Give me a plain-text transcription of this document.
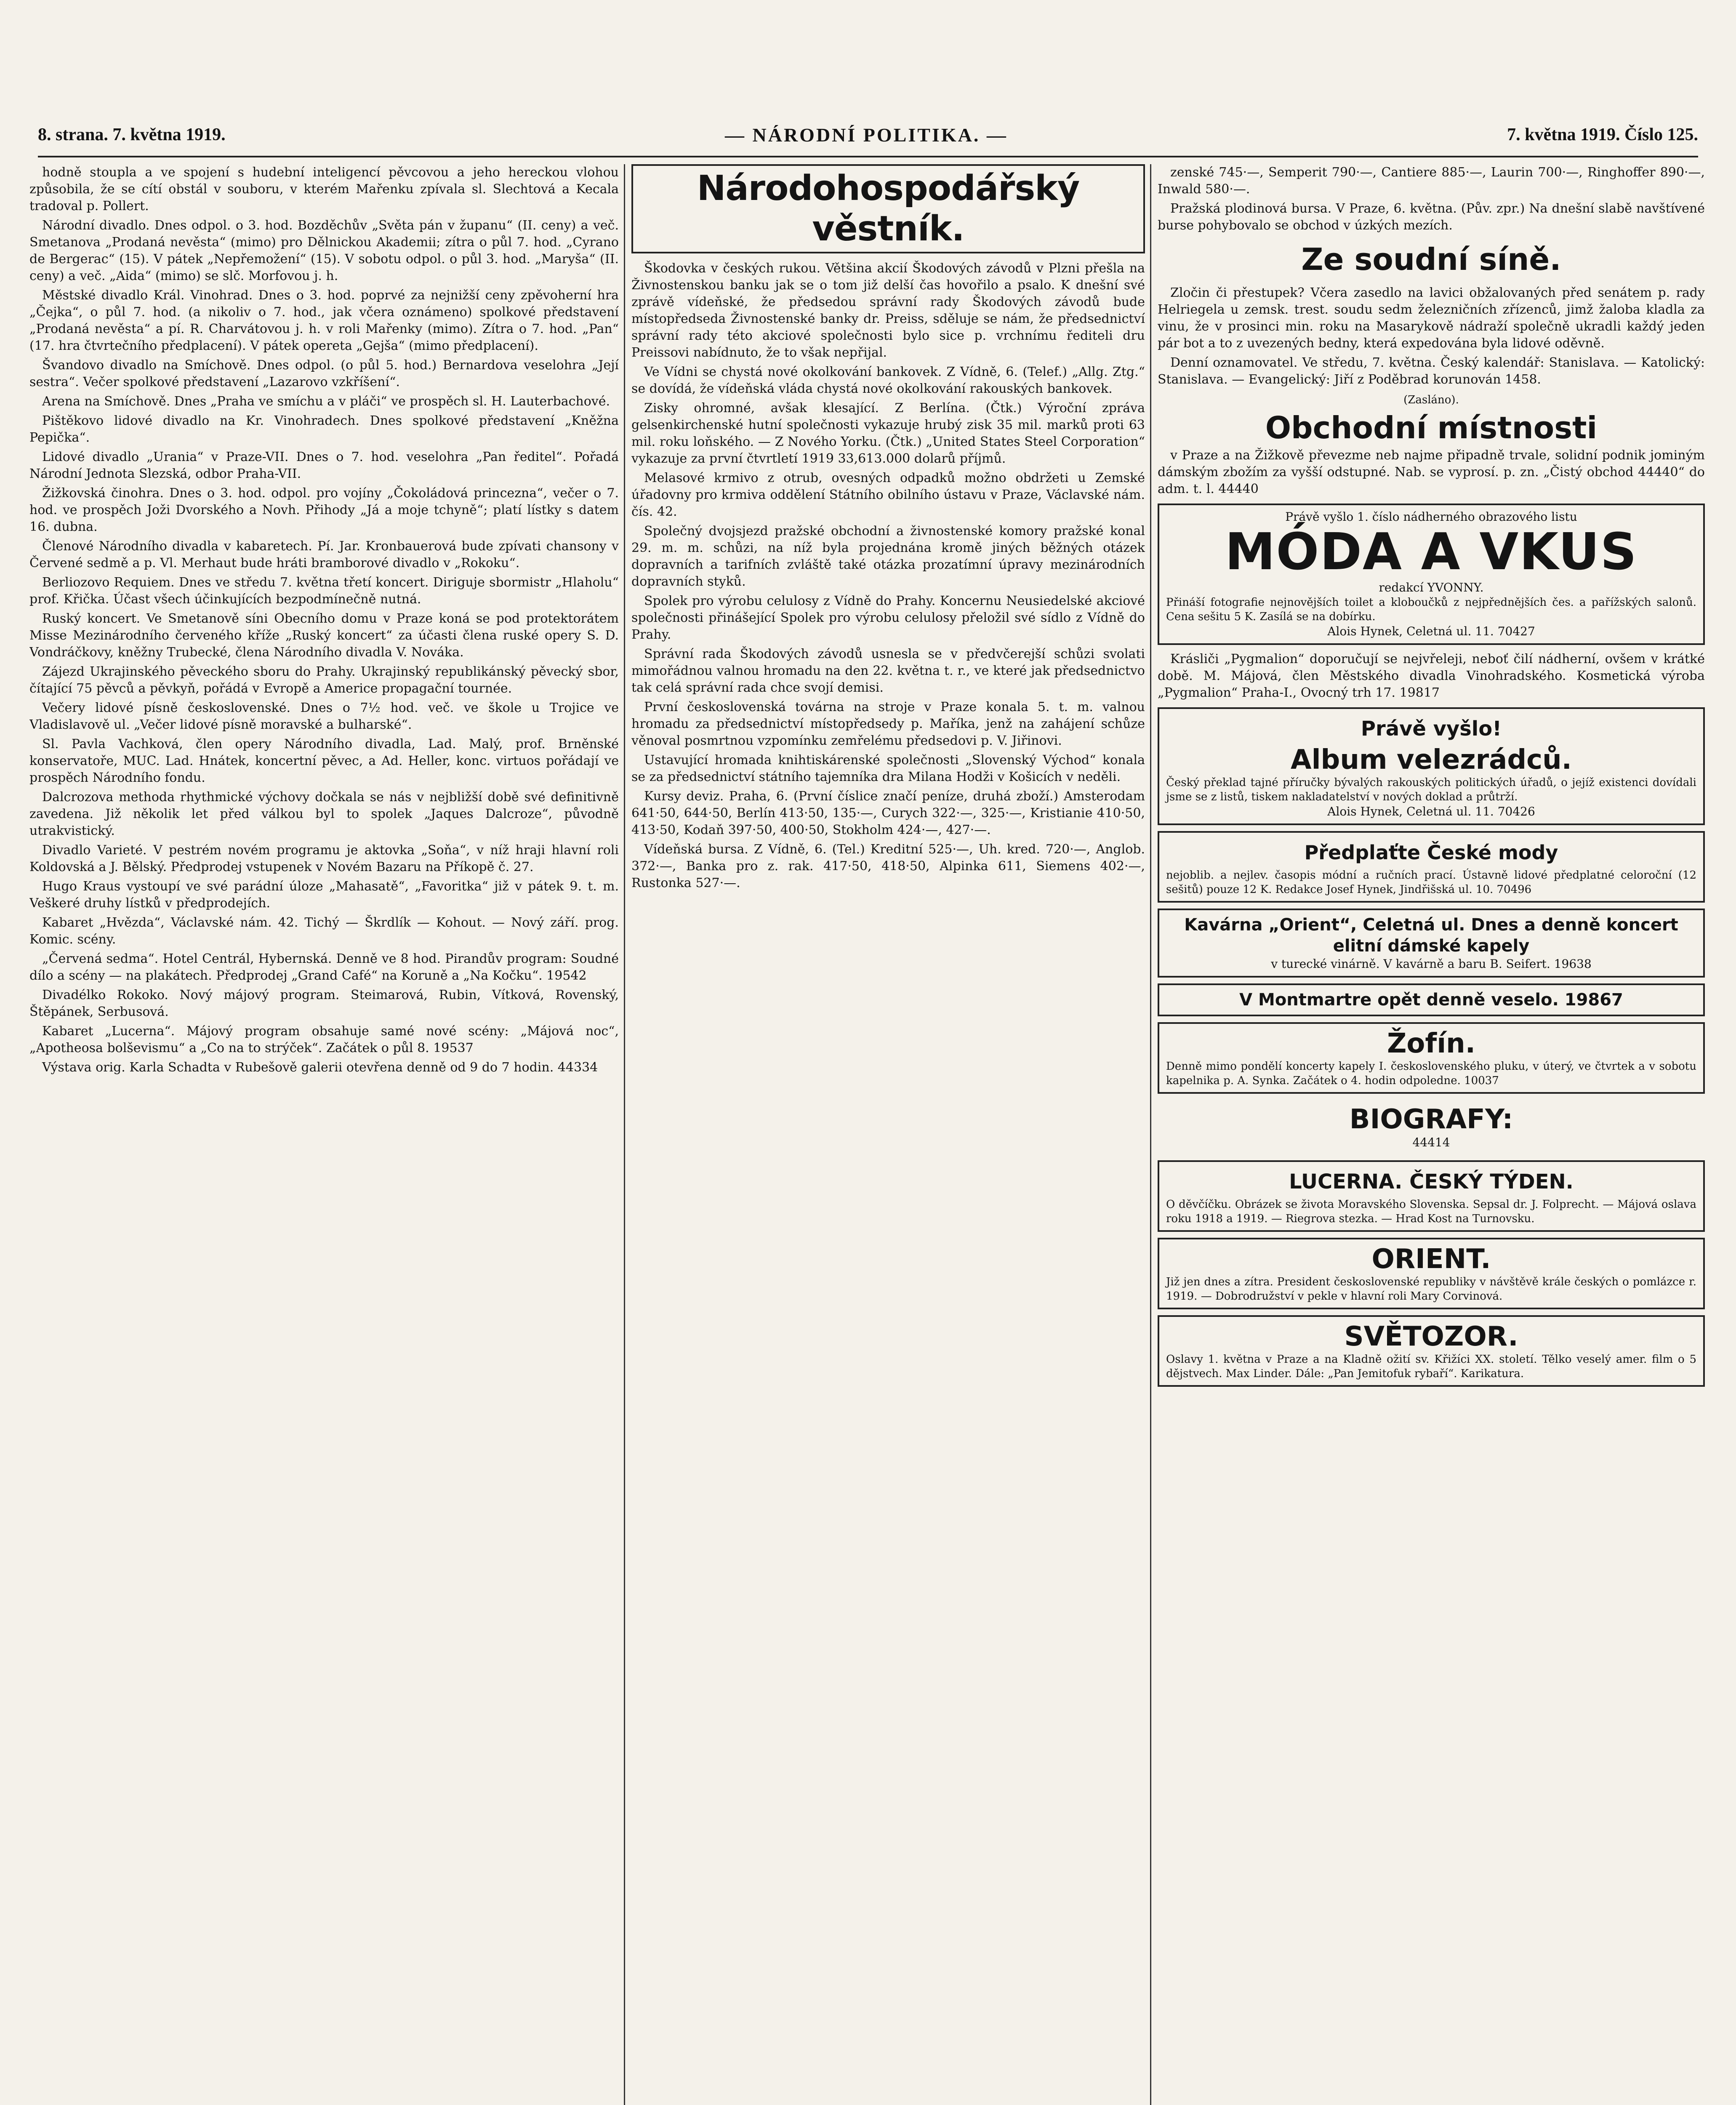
8. strana. 7. května 1919.	— NÁRODNÍ POLITIKA. —	7. května 1919. Číslo 125.

hodně stoupla a ve spojení s hudební inteligencí pěvcovou a jeho hereckou vlohou způsobila, že se cítí obstál v souboru, v kterém Mařenku zpívala sl. Slechtová a Kecala tradoval p. Pollert.

Národní divadlo. Dnes odpol. o 3. hod. Bozděchův „Světa pán v županu“ (II. ceny) a več. Smetanova „Prodaná nevěsta“ (mimo) pro Dělnickou Akademii; zítra o půl 7. hod. „Cyrano de Bergerac“ (15). V pátek „Nepřemožení“ (15). V sobotu odpol. o půl 3. hod. „Maryša“ (II. ceny) a več. „Aida“ (mimo) se slč. Morfovou j. h.

Městské divadlo Král. Vinohrad. Dnes o 3. hod. poprvé za nejnižší ceny zpěvoherní hra „Čejka“, o půl 7. hod. (a nikoliv o 7. hod., jak včera oznámeno) spolkové představení „Prodaná nevěsta“ a pí. R. Charvátovou j. h. v roli Mařenky (mimo). Zítra o 7. hod. „Pan“ (17. hra čtvrtečního předplacení). V pátek opereta „Gejša“ (mimo předplacení).

Švandovo divadlo na Smíchově. Dnes odpol. (o půl 5. hod.) Bernardova veselohra „Její sestra“. Večer spolkové představení „Lazarovo vzkříšení“.

Arena na Smíchově. Dnes „Praha ve smíchu a v pláči“ ve prospěch sl. H. Lauterbachové.

Pištěkovo lidové divadlo na Kr. Vinohradech. Dnes spolkové představení „Kněžna Pepička“.

Lidové divadlo „Urania“ v Praze-VII. Dnes o 7. hod. veselohra „Pan ředitel“. Pořadá Národní Jednota Slezská, odbor Praha-VII.

Žižkovská činohra. Dnes o 3. hod. odpol. pro vojíny „Čokoládová princezna“, večer o 7. hod. ve prospěch Joži Dvorského a Novh. Přihody „Já a moje tchyně“; platí lístky s datem 16. dubna.

Členové Národního divadla v kabaretech. Pí. Jar. Kronbauerová bude zpívati chansony v Červené sedmě a p. Vl. Merhaut bude hráti bramborové divadlo v „Rokoku“.

Berliozovo Requiem. Dnes ve středu 7. května třetí koncert. Diriguje sbormistr „Hlaholu“ prof. Křička. Účast všech účinkujících bezpodmínečně nutná.

Ruský koncert. Ve Smetanově síni Obecního domu v Praze koná se pod protektorátem Misse Mezinárodního červeného kříže „Ruský koncert“ za účasti člena ruské opery S. D. Vondráčkovy, kněžny Trubecké, člena Národního divadla V. Nováka.

Zájezd Ukrajinského pěveckého sboru do Prahy. Ukrajinský republikánský pěvecký sbor, čítající 75 pěvců a pěvkyň, pořádá v Evropě a Americe propagační tournée.

Večery lidové písně československé. Dnes o 7½ hod. več. ve škole u Trojice ve Vladislavově ul. „Večer lidové písně moravské a bulharské“.

Sl. Pavla Vachková, člen opery Národního divadla, Lad. Malý, prof. Brněnské konservatoře, MUC. Lad. Hnátek, koncertní pěvec, a Ad. Heller, konc. virtuos pořádají ve prospěch Národního fondu.

Dalcrozova methoda rhythmické výchovy dočkala se nás v nejbližší době své definitivně zavedena. Již několik let před válkou byl to spolek „Jaques Dalcroze“, původně utrakvistický.

Divadlo Varieté. V pestrém novém programu je aktovka „Soňa“, v níž hraji hlavní roli Koldovská a J. Bělský. Předprodej vstupenek v Novém Bazaru na Příkopě č. 27.

Hugo Kraus vystoupí ve své parádní úloze „Mahasatě“, „Favoritka“ již v pátek 9. t. m. Veškeré druhy lístků v předprodejích.

Kabaret „Hvězda“, Václavské nám. 42. Tichý — Škrdlík — Kohout. — Nový září. prog. Komic. scény.

„Červená sedma“. Hotel Centrál, Hybernská. Denně ve 8 hod. Pirandův program: Soudné dílo a scény — na plakátech. Předprodej „Grand Café“ na Koruně a „Na Kočku“. 19542

Divadélko Rokoko. Nový májový program. Steimarová, Rubin, Vítková, Rovenský, Štěpánek, Serbusová.

Kabaret „Lucerna“. Májový program obsahuje samé nové scény: „Májová noc“, „Apotheosa bolševismu“ a „Co na to strýček“. Začátek o půl 8. 19537

Výstava orig. Karla Schadta v Rubešově galerii otevřena denně od 9 do 7 hodin. 44334

Národohospodářský věstník.

Škodovka v českých rukou. Většina akcií Škodových závodů v Plzni přešla na Živnostenskou banku jak se o tom již delší čas hovořilo a psalo. K dnešní své zprávě vídeňské, že předsedou správní rady Škodových závodů bude místopředseda Živnostenské banky dr. Preiss, sděluje se nám, že předsednictví správní rady této akciové společnosti bylo sice p. vrchnímu řediteli dru Preissovi nabídnuto, že to však nepřijal.

Ve Vídni se chystá nové okolkování bankovek. Z Vídně, 6. (Telef.) „Allg. Ztg.“ se dovídá, že vídeňská vláda chystá nové okolkování rakouských bankovek.

Zisky ohromné, avšak klesající. Z Berlína. (Čtk.) Výroční zpráva gelsenkirchenské hutní společnosti vykazuje hrubý zisk 35 mil. marků proti 63 mil. roku loňského. — Z Nového Yorku. (Čtk.) „United States Steel Corporation“ vykazuje za první čtvrtletí 1919 33,613.000 dolarů příjmů.

Melasové krmivo z otrub, ovesných odpadků možno obdržeti u Zemské úřadovny pro krmiva oddělení Státního obilního ústavu v Praze, Václavské nám. čís. 42.

Společný dvojsjezd pražské obchodní a živnostenské komory pražské konal 29. m. m. schůzi, na níž byla projednána kromě jiných běžných otázek dopravních a tarifních zvláště také otázka prozatímní úpravy mezinárodních dopravních styků.

Spolek pro výrobu celulosy z Vídně do Prahy. Koncernu Neusiedelské akciové společnosti přinášející Spolek pro výrobu celulosy přeložil své sídlo z Vídně do Prahy.

Správní rada Škodových závodů usnesla se v předvčerejší schůzi svolati mimořádnou valnou hromadu na den 22. května t. r., ve které jak předsednictvo tak celá správní rada chce svojí demisi.

První československá továrna na stroje v Praze konala 5. t. m. valnou hromadu za předsednictví místopředsedy p. Maříka, jenž na zahájení schůze věnoval posmrtnou vzpomínku zemřelému předsedovi p. V. Jiřinovi.

Ustavující hromada knihtiskárenské společnosti „Slovenský Východ“ konala se za předsednictví státního tajemníka dra Milana Hodži v Košicích v neděli.

Kursy deviz. Praha, 6. (První číslice značí peníze, druhá zboží.) Amsterodam 641·50, 644·50, Berlín 413·50, 135·—, Curych 322·—, 325·—, Kristianie 410·50, 413·50, Kodaň 397·50, 400·50, Stokholm 424·—, 427·—.

Vídeňská bursa. Z Vídně, 6. (Tel.) Kreditní 525·—, Uh. kred. 720·—, Anglob. 372·—, Banka pro z. rak. 417·50, 418·50, Alpinka 611, Siemens 402·—, Rustonka 527·—.

zenské 745·—, Semperit 790·—, Cantiere 885·—, Laurin 700·—, Ringhoffer 890·—, Inwald 580·—.

Pražská plodinová bursa. V Praze, 6. května. (Pův. zpr.) Na dnešní slabě navštívené burse pohybovalo se obchod v úzkých mezích.

Ze soudní síně.

Zločin či přestupek? Včera zasedlo na lavici obžalovaných před senátem p. rady Helriegela u zemsk. trest. soudu sedm železničních zřízenců, jimž žaloba kladla za vinu, že v prosinci min. roku na Masarykově nádraží společně ukradli každý jeden pár bot a to z uvezených bedny, která expedována byla lidové oděvně.

Denní oznamovatel. Ve středu, 7. května. Český kalendář: Stanislava. — Katolický: Stanislava. — Evangelický: Jiří z Poděbrad korunován 1458.

(Zasláno).
Obchodní místnosti

v Praze a na Žižkově převezme neb najme připadně trvale, solidní podnik jominým dámským zbožím za vyšší odstupné. Nab. se vyprosí. p. zn. „Čistý obchod 44440“ do adm. t. l. 44440

Právě vyšlo 1. číslo nádherného obrazového listu
MÓDA A VKUS
redakcí YVONNY.
Přináší fotografie nejnovějších toilet a kloboučků z nejpřednějších čes. a pařížských salonů. Cena sešitu 5 K. Zasílá se na dobírku.
Alois Hynek, Celetná ul. 11. 70427

Krásliči „Pygmalion“ doporučují se nejvřeleji, neboť čilí nádherní, ovšem v krátké době. M. Májová, člen Městského divadla Vinohradského. Kosmetická výroba „Pygmalion“ Praha-I., Ovocný trh 17. 19817

Právě vyšlo!
Album velezrádců.
Český překlad tajné příručky bývalých rakouských politických úřadů, o jejíž existenci dovídali jsme se z listů, tiskem nakladatelství v nových doklad a průtrží.
Alois Hynek, Celetná ul. 11. 70426
Předplaťte České mody
nejoblib. a nejlev. časopis módní a ručních prací. Ústavně lidové předplatné celoroční (12 sešitů) pouze 12 K. Redakce Josef Hynek, Jindřišská ul. 10. 70496
Kavárna „Orient“, Celetná ul. Dnes a denně koncert elitní dámské kapely
v turecké vinárně. V kavárně a baru B. Seifert. 19638
V Montmartre opět denně veselo. 19867
Žofín.
Denně mimo pondělí koncerty kapely I. československého pluku, v úterý, ve čtvrtek a v sobotu kapelnika p. A. Synka. Začátek o 4. hodin odpoledne. 10037
BIOGRAFY:
44414
LUCERNA. ČESKÝ TÝDEN.
O děvčíčku. Obrázek se života Moravského Slovenska. Sepsal dr. J. Folprecht. — Májová oslava roku 1918 a 1919. — Riegrova stezka. — Hrad Kost na Turnovsku.
ORIENT.
Již jen dnes a zítra. President československé republiky v návštěvě krále českých o pomlázce r. 1919. — Dobrodružství v pekle v hlavní roli Mary Corvinová.
SVĚTOZOR.
Oslavy 1. května v Praze a na Kladně ožití sv. Křižíci XX. století. Tělko veselý amer. film o 5 dějstvech. Max Linder. Dále: „Pan Jemitofuk rybaří“. Karikatura.
